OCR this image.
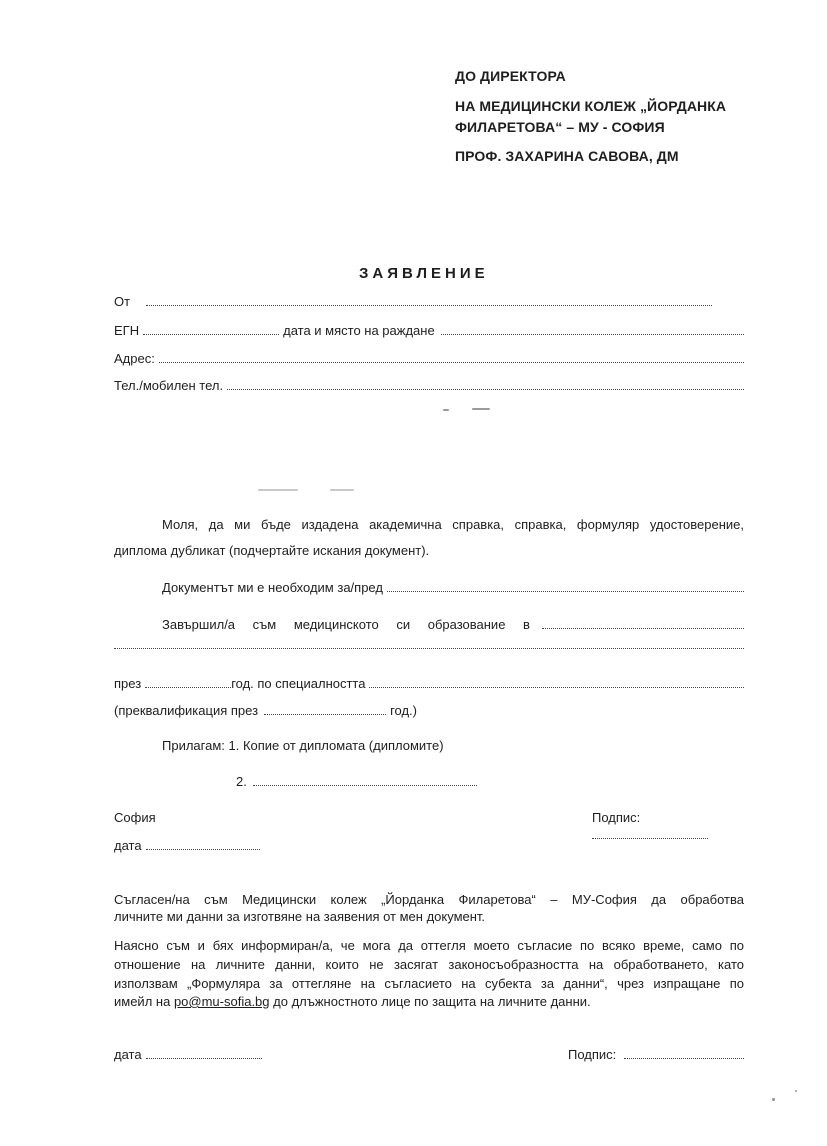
ДО ДИРЕКТОРА
НА МЕДИЦИНСКИ КОЛЕЖ „ЙОРДАНКА
ФИЛАРЕТОВА“ – МУ - СОФИЯ
ПРОФ. ЗАХАРИНА САВОВА, ДМ
ЗАЯВЛЕНИЕ
От
ЕГН	дата и място на раждане
Адрес:
Тел./мобилен тел.
Моля, да ми бъде издадена академична справка, справка, формуляр удостоверение,
диплома дубликат (подчертайте искания документ).
Документът ми е необходим за/пред
Завършил/а съм медицинското си образование в
през	год. по специалността
(преквалификация през	год.)
Прилагам: 1. Копие от дипломата (дипломите)
2.
София	Подпис:
дата
Съгласен/на съм Медицински колеж „Йорданка Филаретова“ – МУ-София да обработва
личните ми данни за изготвяне на заявения от мен документ.
Наясно съм и бях информиран/а, че мога да оттегля моето съгласие по всяко време, само по
отношение на личните данни, които не засягат законосъобразността на обработването, като
използвам „Формуляра за оттегляне на съгласието на субекта за данни“, чрез изпращане по
имейл на po@mu-sofia.bg до длъжностното лице по защита на личните данни.
дата	Подпис:
